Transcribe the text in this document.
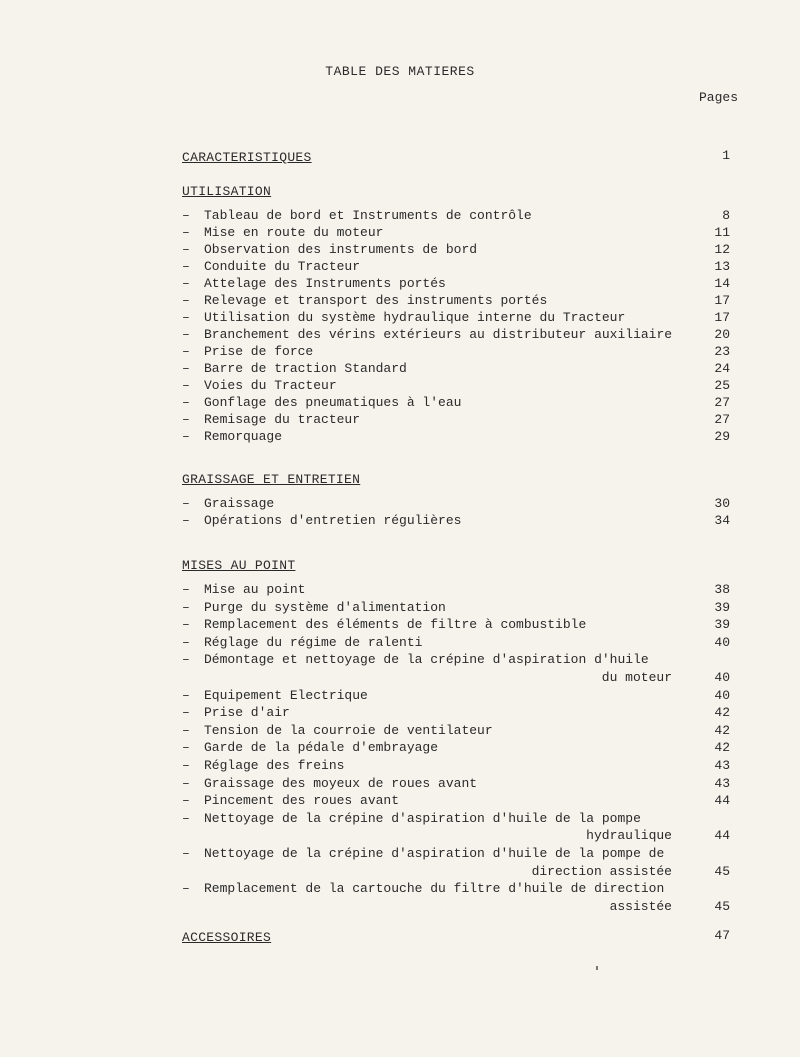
TABLE DES MATIERES
Pages
CARACTERISTIQUES	1
UTILISATION
– Tableau de bord et Instruments de contrôle	8
– Mise en route du moteur	11
– Observation des instruments de bord	12
– Conduite du Tracteur	13
– Attelage des Instruments portés	14
– Relevage et transport des instruments portés	17
– Utilisation du système hydraulique interne du Tracteur	17
– Branchement des vérins extérieurs au distributeur auxiliaire	20
– Prise de force	23
– Barre de traction Standard	24
– Voies du Tracteur	25
– Gonflage des pneumatiques à l'eau	27
– Remisage du tracteur	27
– Remorquage	29
GRAISSAGE ET ENTRETIEN
– Graissage	30
– Opérations d'entretien régulières	34
MISES AU POINT
– Mise au point	38
– Purge du système d'alimentation	39
– Remplacement des éléments de filtre à combustible	39
– Réglage du régime de ralenti	40
– Démontage et nettoyage de la crépine d'aspiration d'huile
du moteur	40
– Equipement Electrique	40
– Prise d'air	42
– Tension de la courroie de ventilateur	42
– Garde de la pédale d'embrayage	42
– Réglage des freins	43
– Graissage des moyeux de roues avant	43
– Pincement des roues avant	44
– Nettoyage de la crépine d'aspiration d'huile de la pompe
hydraulique	44
– Nettoyage de la crépine d'aspiration d'huile de la pompe de
direction assistée	45
– Remplacement de la cartouche du filtre d'huile de direction
assistée	45
ACCESSOIRES	47
